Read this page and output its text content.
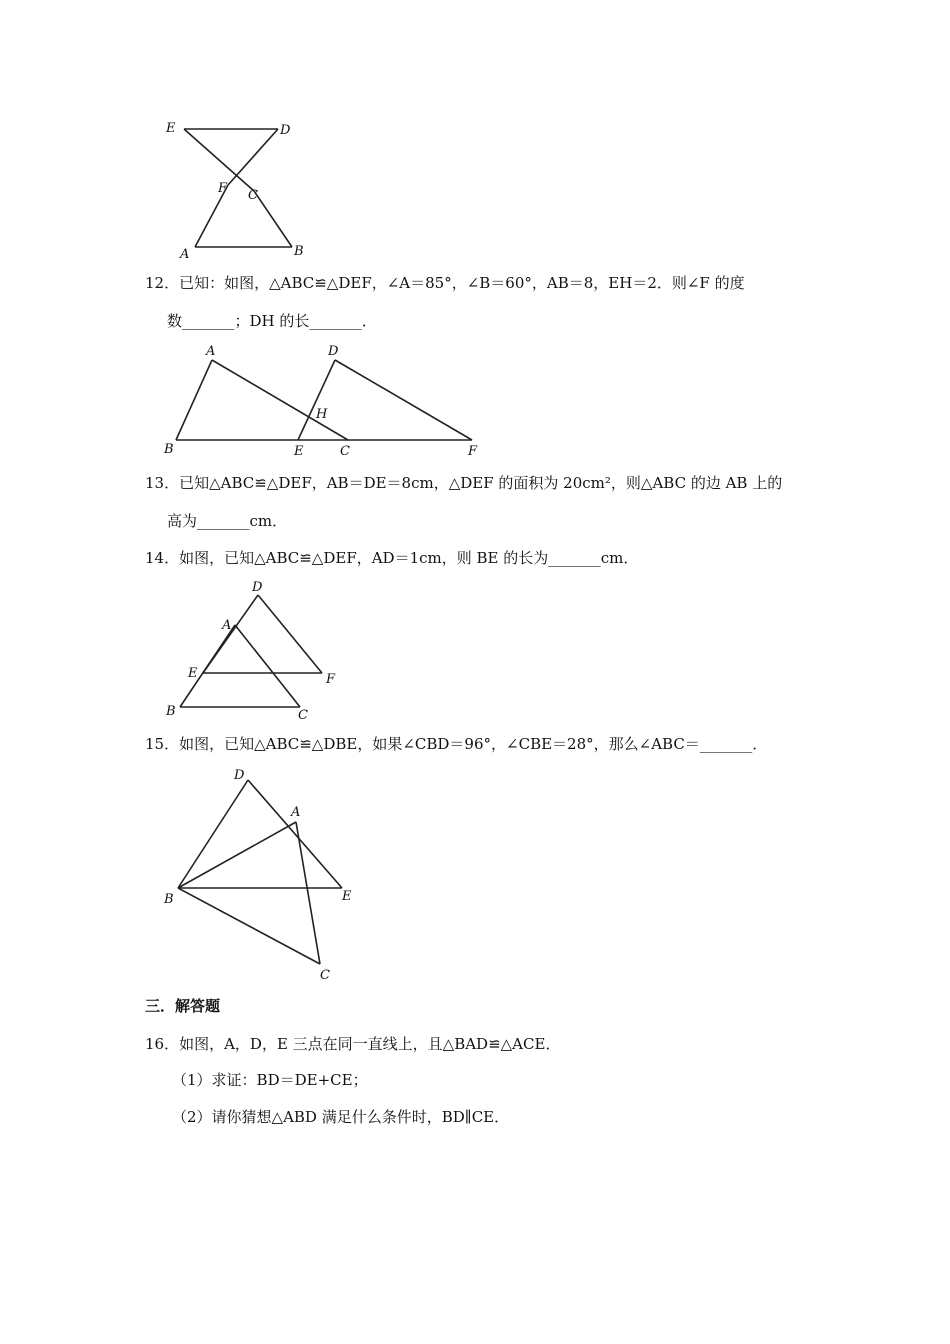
E	D
F C
A	B
12．已知：如图，△ABC≌△DEF，∠A＝85°，∠B＝60°，AB＝8，EH＝2．则∠F 的度
数_______；DH 的长_______．
A	D
H
B	E	C	F
13．已知△ABC≌△DEF，AB＝DE＝8cm，△DEF 的面积为 20cm²，则△ABC 的边 AB 上的
高为_______cm．
14．如图，已知△ABC≌△DEF，AD＝1cm，则 BE 的长为_______cm．
D
A
E	F
B	C
15．如图，已知△ABC≌△DBE，如果∠CBD＝96°，∠CBE＝28°，那么∠ABC＝_______．
D
A
B	E
C
三．解答题
16．如图，A，D，E 三点在同一直线上，且△BAD≌△ACE．
（1）求证：BD＝DE+CE；
（2）请你猜想△ABD 满足什么条件时，BD∥CE．
